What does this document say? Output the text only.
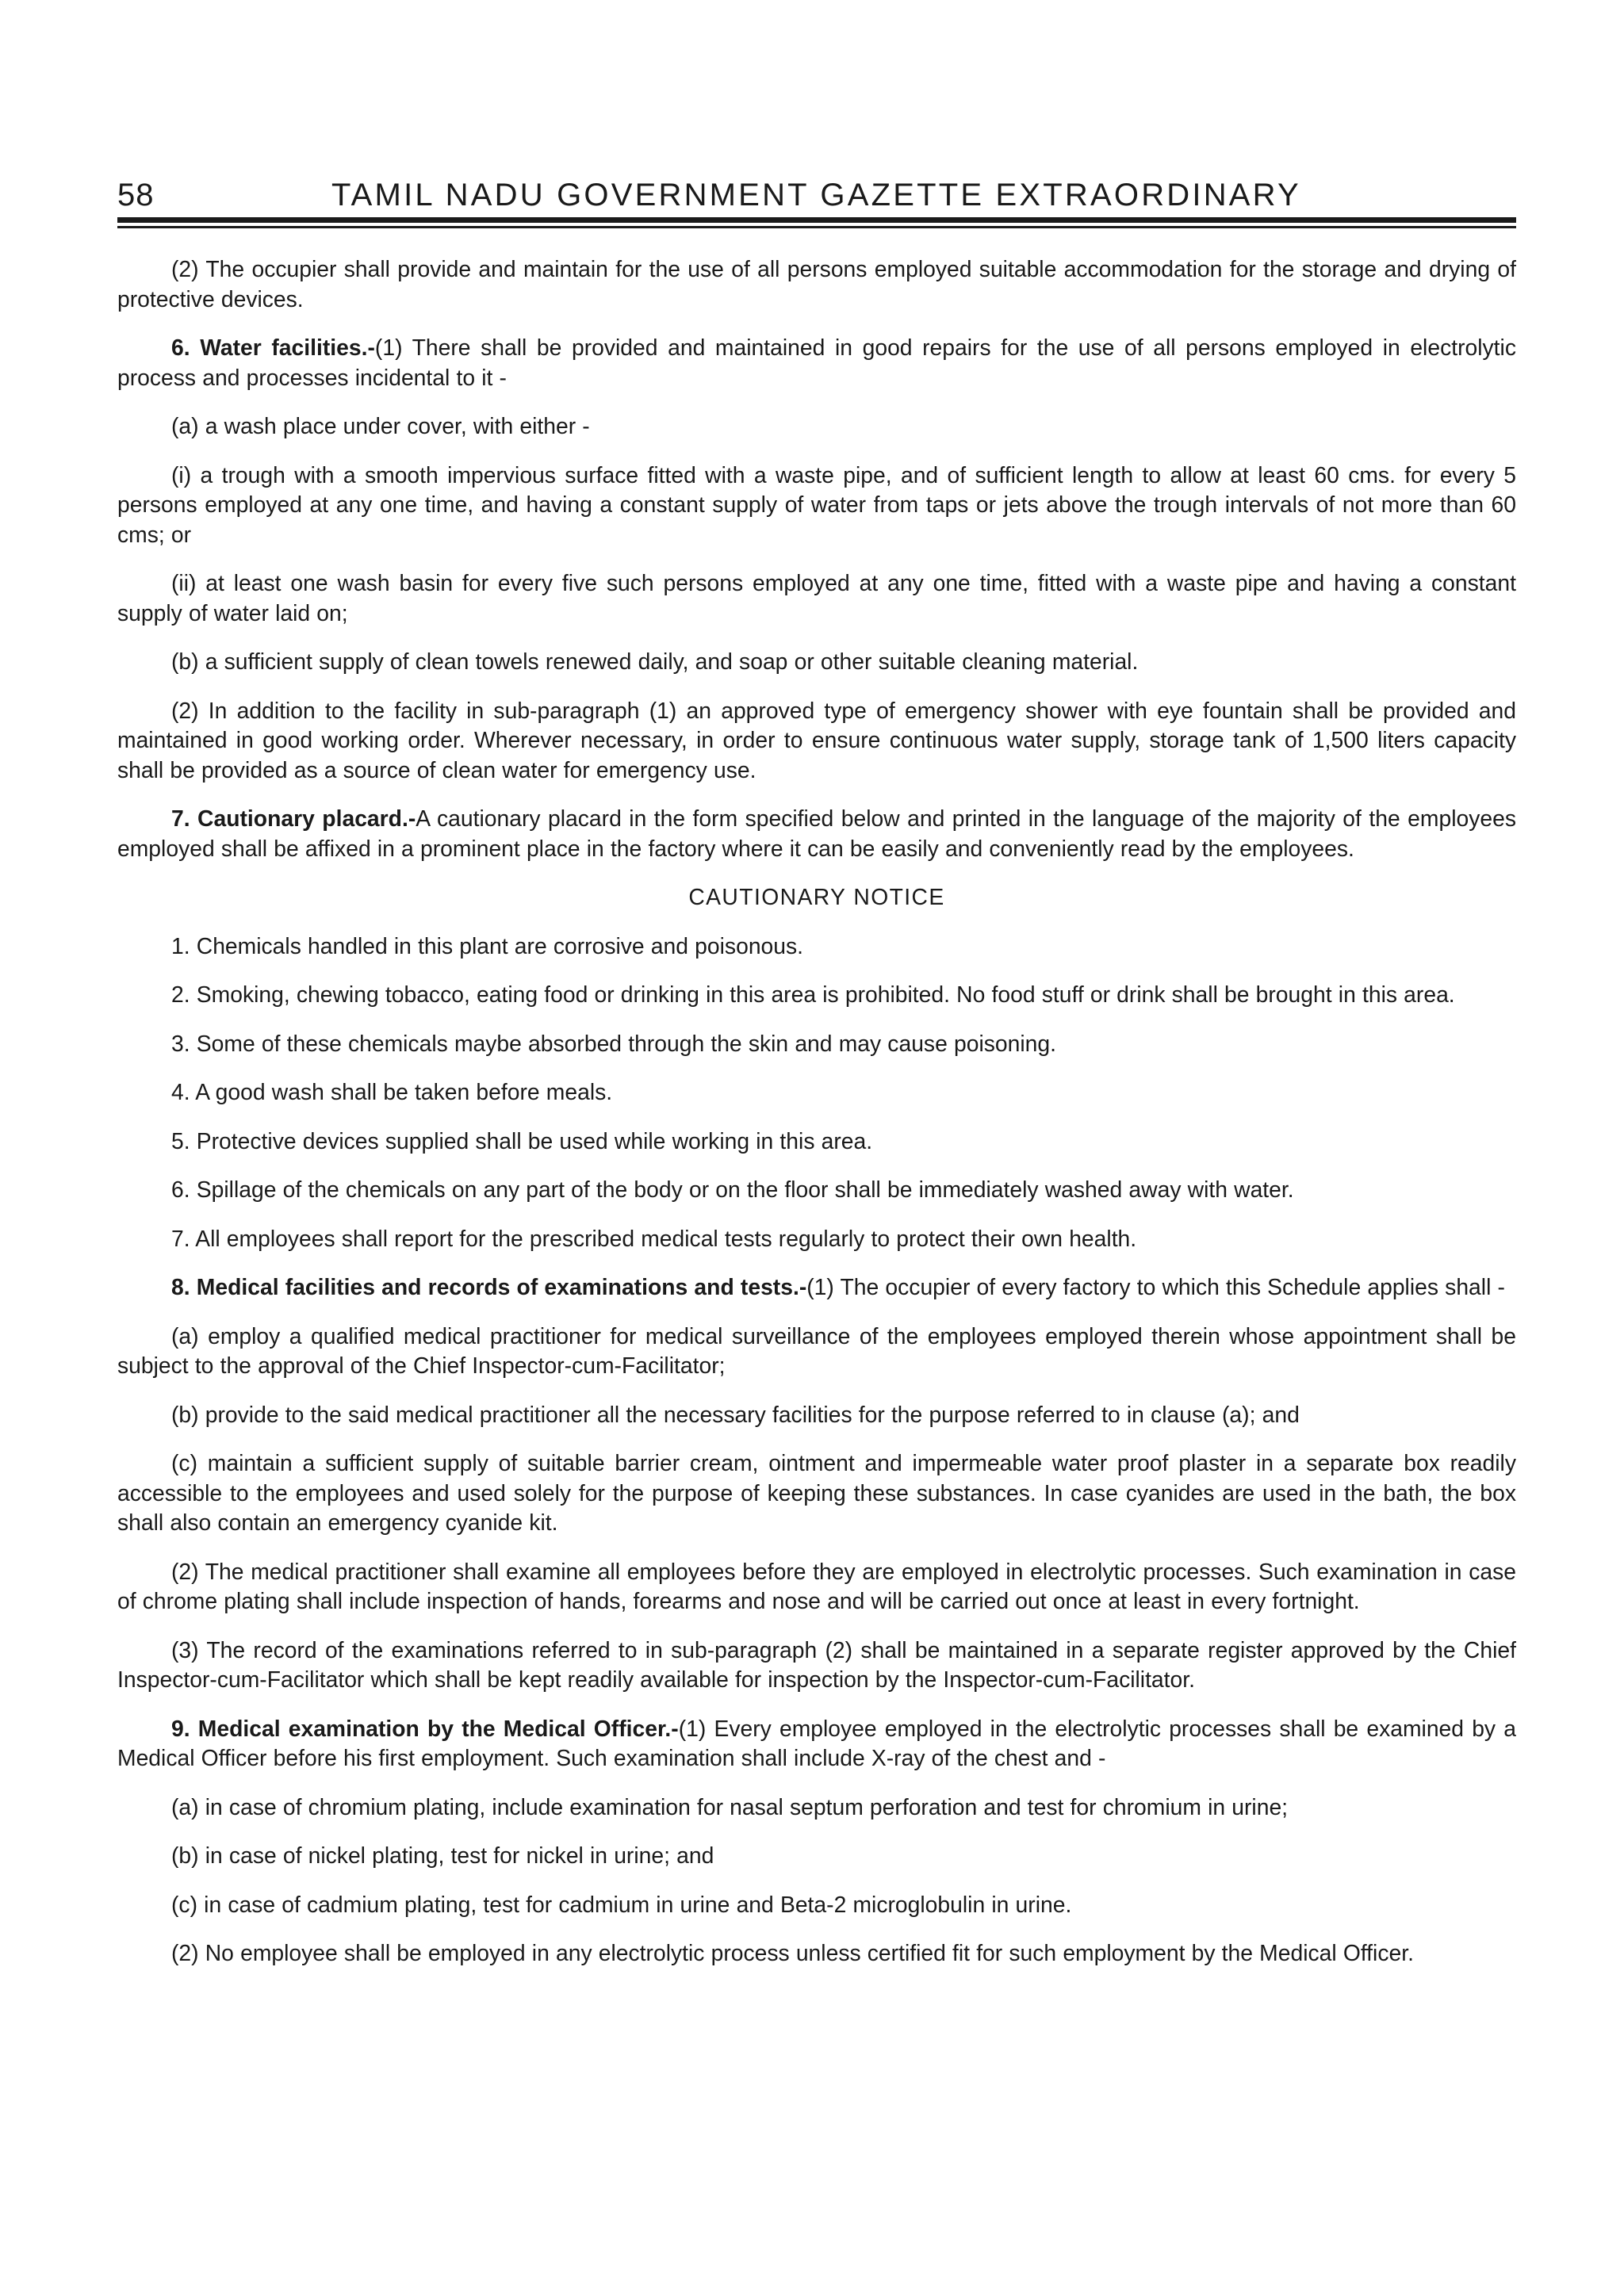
58	TAMIL NADU GOVERNMENT GAZETTE EXTRAORDINARY

(2) The occupier shall provide and maintain for the use of all persons employed suitable accommodation for the storage and drying of protective devices.

6. Water facilities.-(1) There shall be provided and maintained in good repairs for the use of all persons employed in electrolytic process and processes incidental to it -

(a) a wash place under cover, with either -

(i) a trough with a smooth impervious surface fitted with a waste pipe, and of sufficient length to allow at least 60 cms. for every 5 persons employed at any one time, and having a constant supply of water from taps or jets above the trough intervals of not more than 60 cms; or

(ii) at least one wash basin for every five such persons employed at any one time, fitted with a waste pipe and having a constant supply of water laid on;

(b) a sufficient supply of clean towels renewed daily, and soap or other suitable cleaning material.

(2) In addition to the facility in sub-paragraph (1) an approved type of emergency shower with eye fountain shall be provided and maintained in good working order. Wherever necessary, in order to ensure continuous water supply, storage tank of 1,500 liters capacity shall be provided as a source of clean water for emergency use.

7. Cautionary placard.-A cautionary placard in the form specified below and printed in the language of the majority of the employees employed shall be affixed in a prominent place in the factory where it can be easily and conveniently read by the employees.

CAUTIONARY NOTICE

1. Chemicals handled in this plant are corrosive and poisonous.

2. Smoking, chewing tobacco, eating food or drinking in this area is prohibited. No food stuff or drink shall be brought in this area.

3. Some of these chemicals maybe absorbed through the skin and may cause poisoning.

4. A good wash shall be taken before meals.

5. Protective devices supplied shall be used while working in this area.

6. Spillage of the chemicals on any part of the body or on the floor shall be immediately washed away with water.

7. All employees shall report for the prescribed medical tests regularly to protect their own health.

8. Medical facilities and records of examinations and tests.-(1) The occupier of every factory to which this Schedule applies shall -

(a) employ a qualified medical practitioner for medical surveillance of the employees employed therein whose appointment shall be subject to the approval of the Chief Inspector-cum-Facilitator;

(b) provide to the said medical practitioner all the necessary facilities for the purpose referred to in clause (a); and

(c) maintain a sufficient supply of suitable barrier cream, ointment and impermeable water proof plaster in a separate box readily accessible to the employees and used solely for the purpose of keeping these substances. In case cyanides are used in the bath, the box shall also contain an emergency cyanide kit.

(2) The medical practitioner shall examine all employees before they are employed in electrolytic processes. Such examination in case of chrome plating shall include inspection of hands, forearms and nose and will be carried out once at least in every fortnight.

(3) The record of the examinations referred to in sub-paragraph (2) shall be maintained in a separate register approved by the Chief Inspector-cum-Facilitator which shall be kept readily available for inspection by the Inspector-cum-Facilitator.

9. Medical examination by the Medical Officer.-(1) Every employee employed in the electrolytic processes shall be examined by a Medical Officer before his first employment. Such examination shall include X-ray of the chest and -

(a) in case of chromium plating, include examination for nasal septum perforation and test for chromium in urine;

(b) in case of nickel plating, test for nickel in urine; and

(c) in case of cadmium plating, test for cadmium in urine and Beta-2 microglobulin in urine.

(2) No employee shall be employed in any electrolytic process unless certified fit for such employment by the Medical Officer.
